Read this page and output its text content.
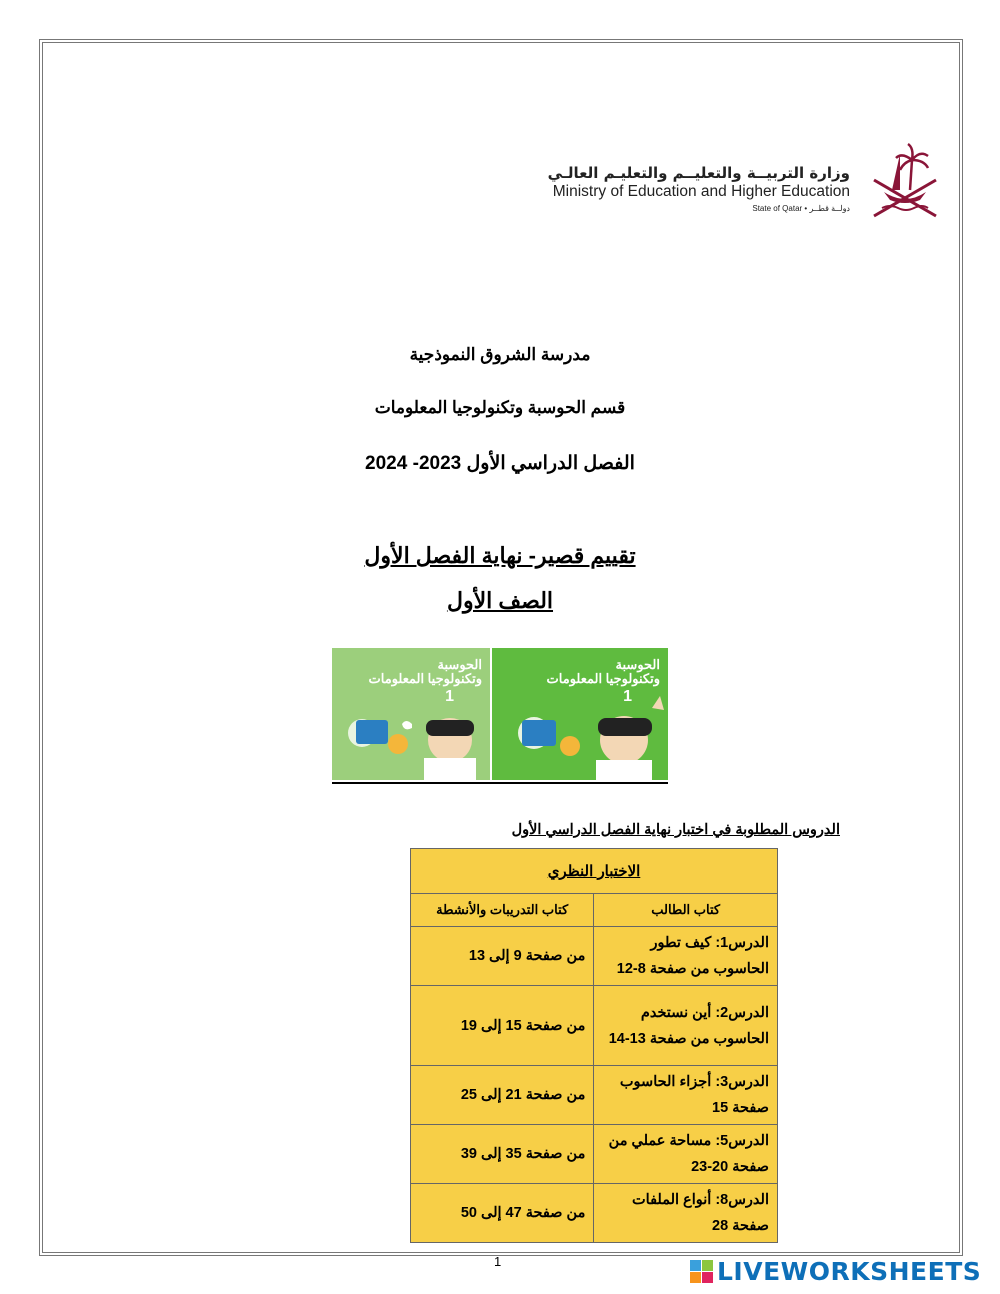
وزارة التربيــة والتعليــم والتعليـم العالـي
Ministry of Education and Higher Education
State of Qatar • دولــة قطــر
مدرسة الشروق النموذجية
قسم الحوسبة وتكنولوجيا المعلومات
الفصل الدراسي الأول 2023- 2024
تقييم قصير- نهاية الفصل الأول
الصف الأول
الحوسبة
وتكنولوجيا المعلومات
1
الحوسبة
وتكنولوجيا المعلومات
1
الدروس المطلوبة في اختبار نهاية الفصل الدراسي الأول
الاختبار النظري	
كتاب الطالب	كتاب التدريبات والأنشطة
الدرس1: كيف تطور الحاسوب من صفحة 8-12	من صفحة 9 إلى 13
الدرس2: أين نستخدم الحاسوب من صفحة 13-14	من صفحة 15 إلى 19
الدرس3: أجزاء الحاسوب صفحة 15	من صفحة 21 إلى 25
الدرس5: مساحة عملي من صفحة 20-23	من صفحة 35 إلى 39
الدرس8: أنواع الملفات صفحة 28	من صفحة 47 إلى 50
1	LIVEWORKSHEETS
